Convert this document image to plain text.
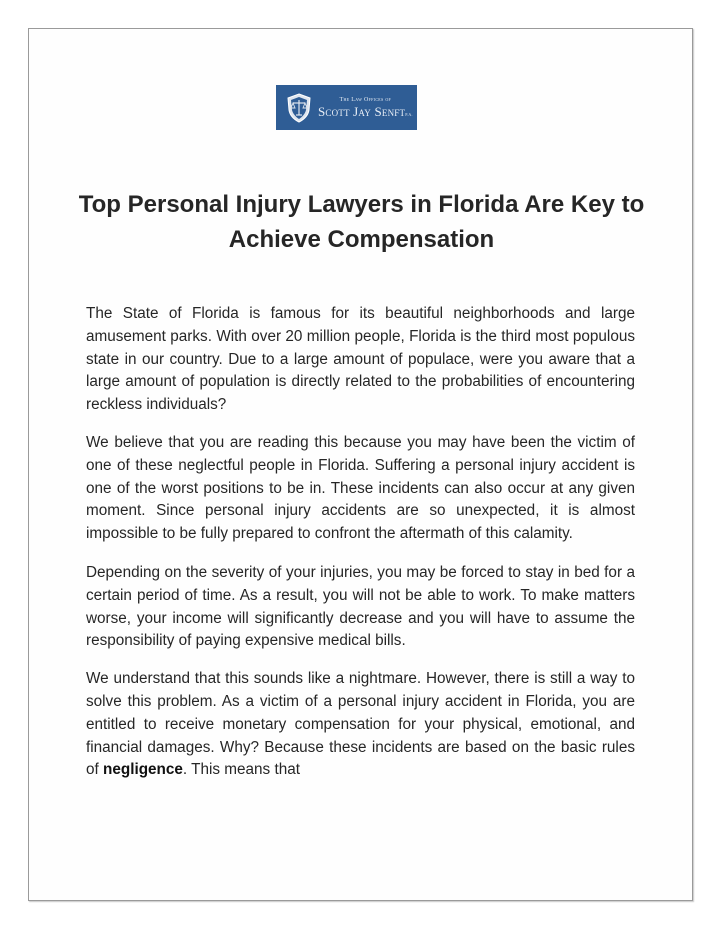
The Law Offices of
Scott Jay SenftP.A.
Top Personal Injury Lawyers in Florida Are Key to Achieve Compensation

The State of Florida is famous for its beautiful neighborhoods and large amusement parks. With over 20 million people, Florida is the third most populous state in our country. Due to a large amount of populace, were you aware that a large amount of population is directly related to the probabilities of encountering reckless individuals?

We believe that you are reading this because you may have been the victim of one of these neglectful people in Florida. Suffering a personal injury accident is one of the worst positions to be in. These incidents can also occur at any given moment. Since personal injury accidents are so unexpected, it is almost impossible to be fully prepared to confront the aftermath of this calamity.

Depending on the severity of your injuries, you may be forced to stay in bed for a certain period of time. As a result, you will not be able to work. To make matters worse, your income will significantly decrease and you will have to assume the responsibility of paying expensive medical bills.

We understand that this sounds like a nightmare. However, there is still a way to solve this problem. As a victim of a personal injury accident in Florida, you are entitled to receive monetary compensation for your physical, emotional, and financial damages. Why? Because these incidents are based on the basic rules of negligence. This means that
